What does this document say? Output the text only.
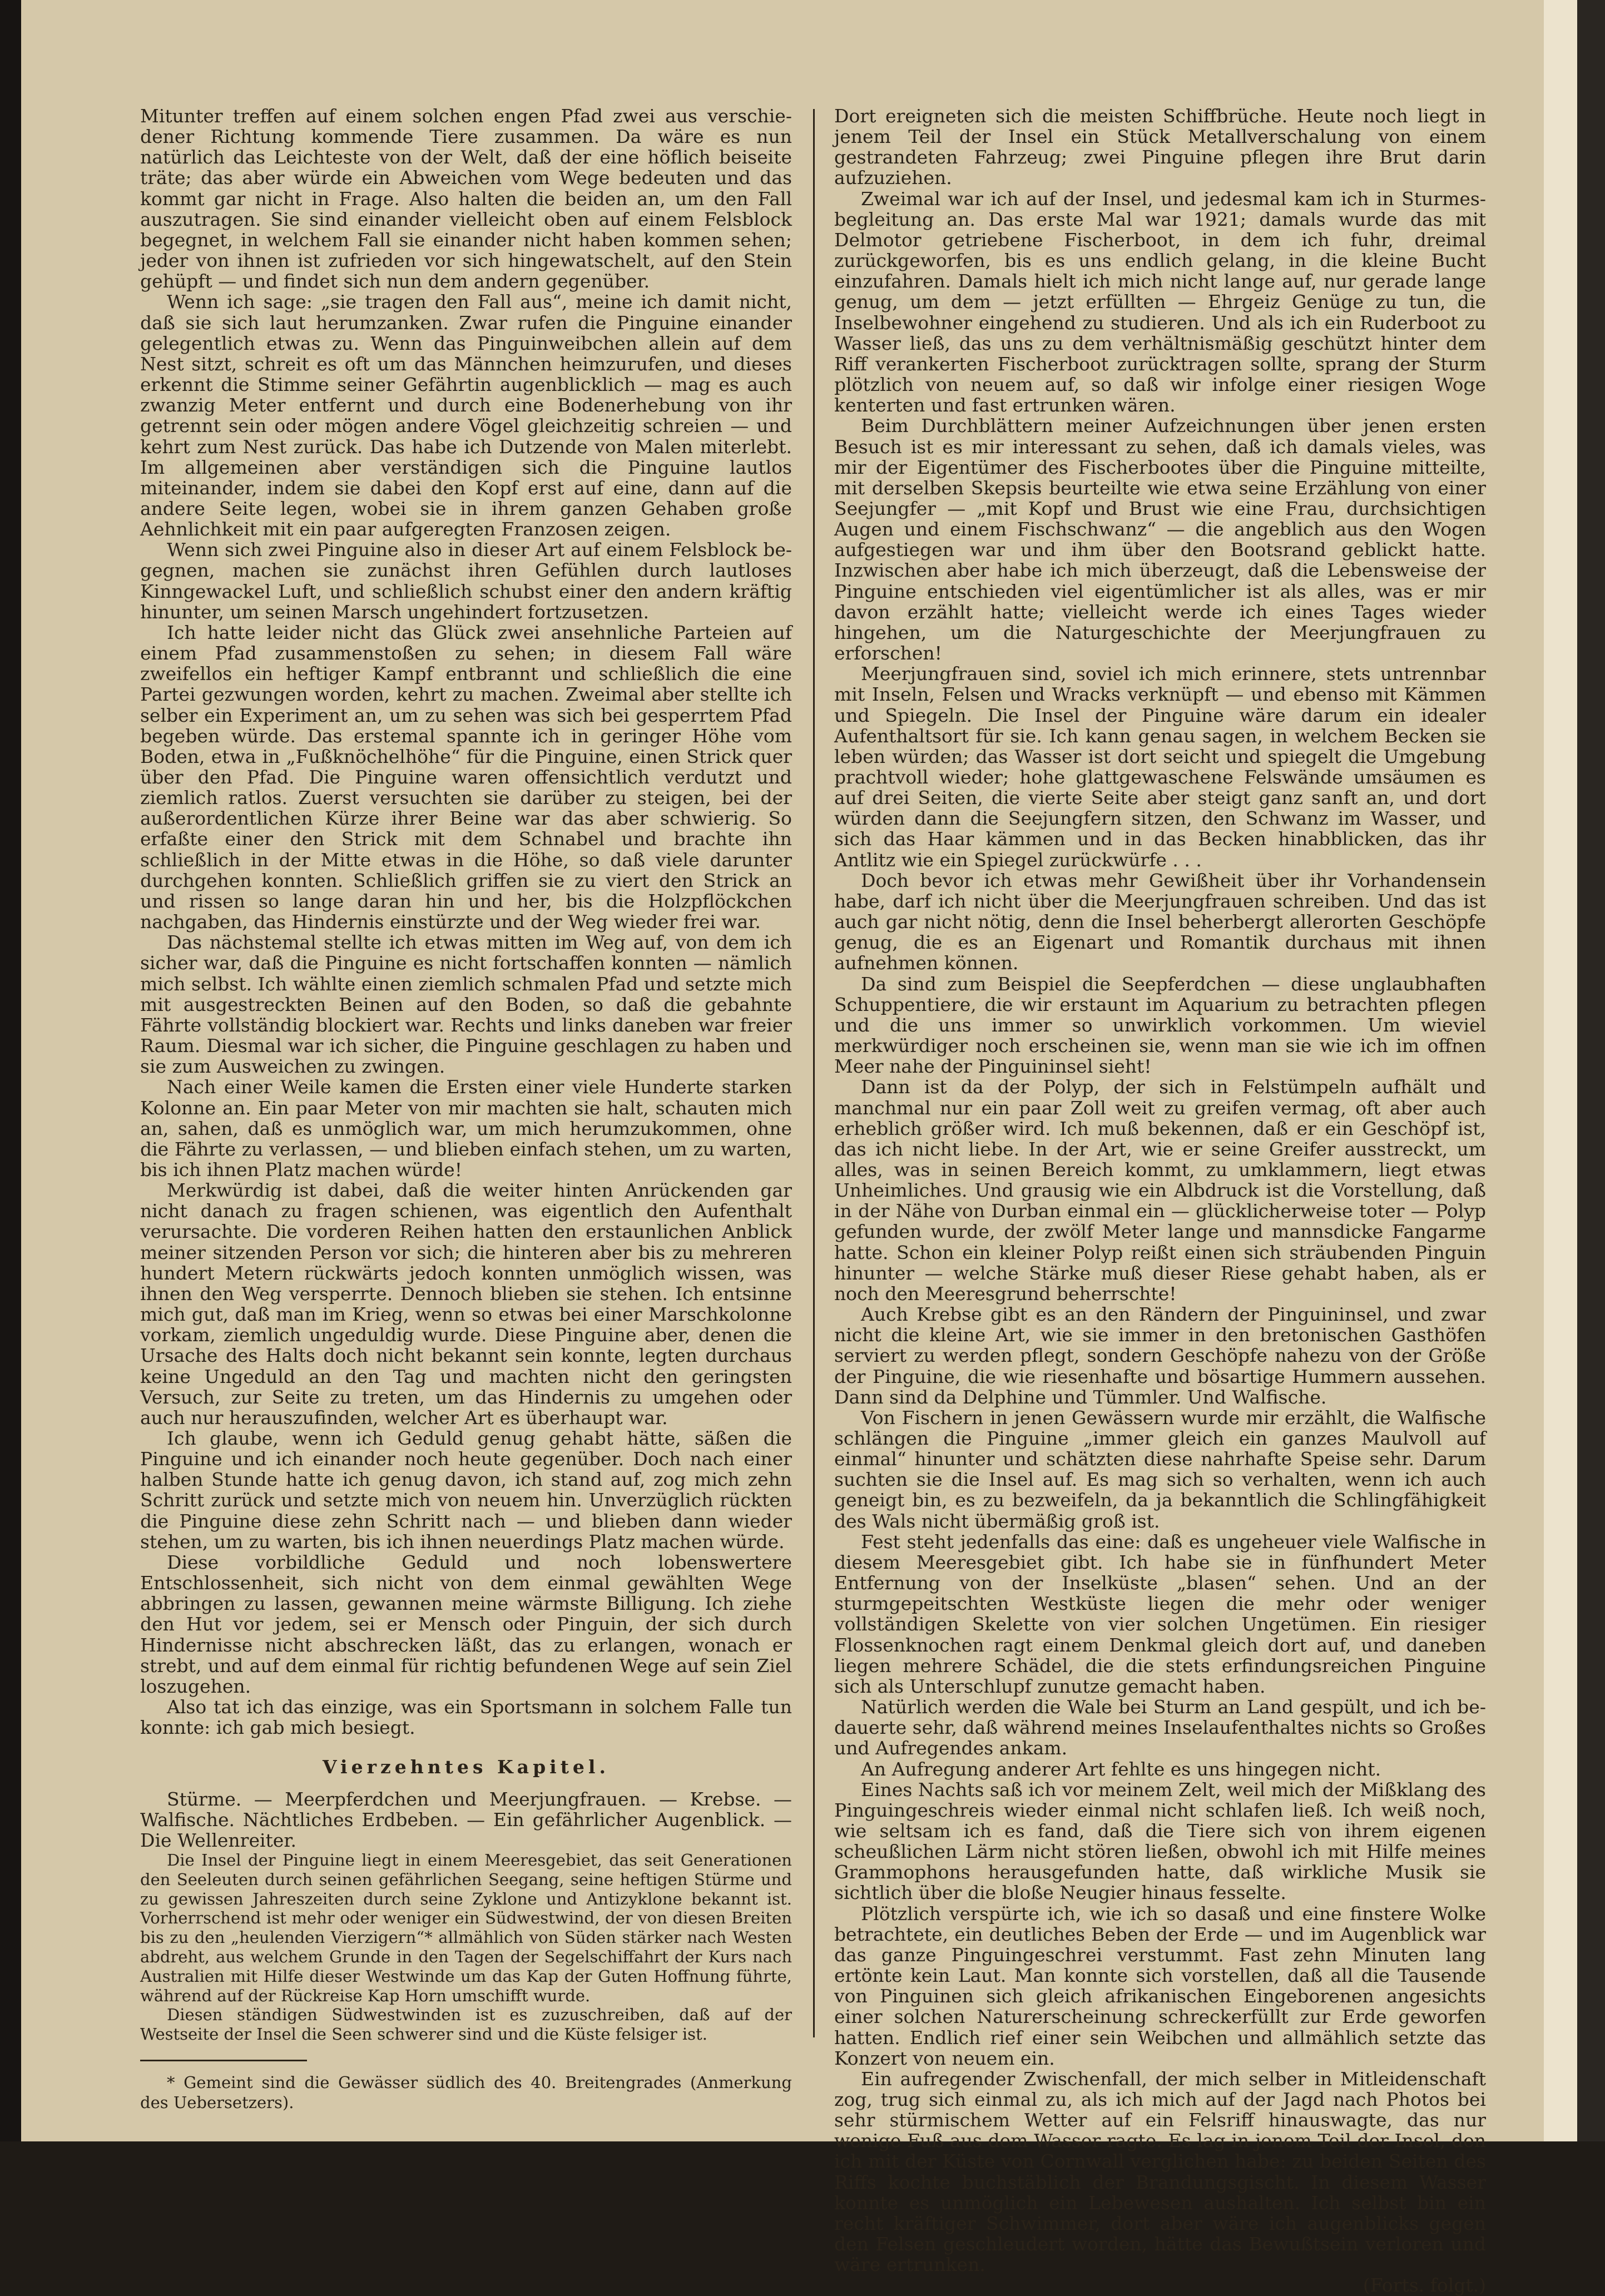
Mitunter treffen auf einem solchen engen Pfad zwei aus verschiedener Richtung kommende Tiere zusammen. Da wäre es nun natürlich das Leichteste von der Welt, daß der eine höflich beiseite träte; das aber würde ein Abweichen vom Wege bedeuten und das kommt gar nicht in Frage. Also halten die beiden an, um den Fall auszutragen. Sie sind einander vielleicht oben auf einem Felsblock begegnet, in welchem Fall sie einander nicht haben kommen sehen; jeder von ihnen ist zufrieden vor sich hingewatschelt, auf den Stein gehüpft — und findet sich nun dem andern gegenüber.

Wenn ich sage: „sie tragen den Fall aus“, meine ich damit nicht, daß sie sich laut herumzanken. Zwar rufen die Pinguine einander gelegentlich etwas zu. Wenn das Pinguinweibchen allein auf dem Nest sitzt, schreit es oft um das Männchen heimzurufen, und dieses erkennt die Stimme seiner Gefährtin augenblicklich — mag es auch zwanzig Meter entfernt und durch eine Bodenerhebung von ihr getrennt sein oder mögen andere Vögel gleichzeitig schreien — und kehrt zum Nest zurück. Das habe ich Dutzende von Malen miterlebt. Im allgemeinen aber verständigen sich die Pinguine lautlos miteinander, indem sie dabei den Kopf erst auf eine, dann auf die andere Seite legen, wobei sie in ihrem ganzen Gehaben große Aehnlichkeit mit ein paar aufgeregten Franzosen zeigen.

Wenn sich zwei Pinguine also in dieser Art auf einem Felsblock begegnen, machen sie zunächst ihren Gefühlen durch lautloses Kinngewackel Luft, und schließlich schubst einer den andern kräftig hinunter, um seinen Marsch ungehindert fortzusetzen.

Ich hatte leider nicht das Glück zwei ansehnliche Parteien auf einem Pfad zusammenstoßen zu sehen; in diesem Fall wäre zweifellos ein heftiger Kampf entbrannt und schließlich die eine Partei gezwungen worden, kehrt zu machen. Zweimal aber stellte ich selber ein Experiment an, um zu sehen was sich bei gesperrtem Pfad begeben würde. Das erstemal spannte ich in geringer Höhe vom Boden, etwa in „Fußknöchelhöhe“ für die Pinguine, einen Strick quer über den Pfad. Die Pinguine waren offensichtlich verdutzt und ziemlich ratlos. Zuerst versuchten sie darüber zu steigen, bei der außerordentlichen Kürze ihrer Beine war das aber schwierig. So erfaßte einer den Strick mit dem Schnabel und brachte ihn schließlich in der Mitte etwas in die Höhe, so daß viele darunter durchgehen konnten. Schließlich griffen sie zu viert den Strick an und rissen so lange daran hin und her, bis die Holzpflöckchen nachgaben, das Hindernis einstürzte und der Weg wieder frei war.

Das nächstemal stellte ich etwas mitten im Weg auf, von dem ich sicher war, daß die Pinguine es nicht fortschaffen konnten — nämlich mich selbst. Ich wählte einen ziemlich schmalen Pfad und setzte mich mit ausgestreckten Beinen auf den Boden, so daß die gebahnte Fährte vollständig blockiert war. Rechts und links daneben war freier Raum. Diesmal war ich sicher, die Pinguine geschlagen zu haben und sie zum Ausweichen zu zwingen.

Nach einer Weile kamen die Ersten einer viele Hunderte starken Kolonne an. Ein paar Meter von mir machten sie halt, schauten mich an, sahen, daß es unmöglich war, um mich herumzukommen, ohne die Fährte zu verlassen, — und blieben einfach stehen, um zu warten, bis ich ihnen Platz machen würde!

Merkwürdig ist dabei, daß die weiter hinten Anrückenden gar nicht danach zu fragen schienen, was eigentlich den Aufenthalt verursachte. Die vorderen Reihen hatten den erstaunlichen Anblick meiner sitzenden Person vor sich; die hinteren aber bis zu mehreren hundert Metern rückwärts jedoch konnten unmöglich wissen, was ihnen den Weg versperrte. Dennoch blieben sie stehen. Ich entsinne mich gut, daß man im Krieg, wenn so etwas bei einer Marschkolonne vorkam, ziemlich ungeduldig wurde. Diese Pinguine aber, denen die Ursache des Halts doch nicht bekannt sein konnte, legten durchaus keine Ungeduld an den Tag und machten nicht den geringsten Versuch, zur Seite zu treten, um das Hindernis zu umgehen oder auch nur herauszufinden, welcher Art es überhaupt war.

Ich glaube, wenn ich Geduld genug gehabt hätte, säßen die Pinguine und ich einander noch heute gegenüber. Doch nach einer halben Stunde hatte ich genug davon, ich stand auf, zog mich zehn Schritt zurück und setzte mich von neuem hin. Unverzüglich rückten die Pinguine diese zehn Schritt nach — und blieben dann wieder stehen, um zu warten, bis ich ihnen neuerdings Platz machen würde.

Diese vorbildliche Geduld und noch lobenswertere Entschlossenheit, sich nicht von dem einmal gewählten Wege abbringen zu lassen, gewannen meine wärmste Billigung. Ich ziehe den Hut vor jedem, sei er Mensch oder Pinguin, der sich durch Hindernisse nicht abschrecken läßt, das zu erlangen, wonach er strebt, und auf dem einmal für richtig befundenen Wege auf sein Ziel loszugehen.

Also tat ich das einzige, was ein Sportsmann in solchem Falle tun konnte: ich gab mich besiegt.

Vierzehntes Kapitel.

Stürme. — Meerpferdchen und Meerjungfrauen. — Krebse. — Walfische. Nächtliches Erdbeben. — Ein gefährlicher Augenblick. — Die Wellenreiter.

Die Insel der Pinguine liegt in einem Meeresgebiet, das seit Generationen den Seeleuten durch seinen gefährlichen Seegang, seine heftigen Stürme und zu gewissen Jahreszeiten durch seine Zyklone und Antizyklone bekannt ist. Vorherrschend ist mehr oder weniger ein Südwestwind, der von diesen Breiten bis zu den „heulenden Vierzigern“* allmählich von Süden stärker nach Westen abdreht, aus welchem Grunde in den Tagen der Segelschiffahrt der Kurs nach Australien mit Hilfe dieser Westwinde um das Kap der Guten Hoffnung führte, während auf der Rückreise Kap Horn umschifft wurde.

Diesen ständigen Südwestwinden ist es zuzuschreiben, daß auf der Westseite der Insel die Seen schwerer sind und die Küste felsiger ist.

* Gemeint sind die Gewässer südlich des 40. Breitengrades (Anmerkung des Uebersetzers).

Dort ereigneten sich die meisten Schiffbrüche. Heute noch liegt in jenem Teil der Insel ein Stück Metallverschalung von einem gestrandeten Fahrzeug; zwei Pinguine pflegen ihre Brut darin aufzuziehen.

Zweimal war ich auf der Insel, und jedesmal kam ich in Sturmesbegleitung an. Das erste Mal war 1921; damals wurde das mit Delmotor getriebene Fischerboot, in dem ich fuhr, dreimal zurückgeworfen, bis es uns endlich gelang, in die kleine Bucht einzufahren. Damals hielt ich mich nicht lange auf, nur gerade lange genug, um dem — jetzt erfüllten — Ehrgeiz Genüge zu tun, die Inselbewohner eingehend zu studieren. Und als ich ein Ruderboot zu Wasser ließ, das uns zu dem verhältnismäßig geschützt hinter dem Riff verankerten Fischerboot zurücktragen sollte, sprang der Sturm plötzlich von neuem auf, so daß wir infolge einer riesigen Woge kenterten und fast ertrunken wären.

Beim Durchblättern meiner Aufzeichnungen über jenen ersten Besuch ist es mir interessant zu sehen, daß ich damals vieles, was mir der Eigentümer des Fischerbootes über die Pinguine mitteilte, mit derselben Skepsis beurteilte wie etwa seine Erzählung von einer Seejungfer — „mit Kopf und Brust wie eine Frau, durchsichtigen Augen und einem Fischschwanz“ — die angeblich aus den Wogen aufgestiegen war und ihm über den Bootsrand geblickt hatte. Inzwischen aber habe ich mich überzeugt, daß die Lebensweise der Pinguine entschieden viel eigentümlicher ist als alles, was er mir davon erzählt hatte; vielleicht werde ich eines Tages wieder hingehen, um die Naturgeschichte der Meerjungfrauen zu erforschen!

Meerjungfrauen sind, soviel ich mich erinnere, stets untrennbar mit Inseln, Felsen und Wracks verknüpft — und ebenso mit Kämmen und Spiegeln. Die Insel der Pinguine wäre darum ein idealer Aufenthaltsort für sie. Ich kann genau sagen, in welchem Becken sie leben würden; das Wasser ist dort seicht und spiegelt die Umgebung prachtvoll wieder; hohe glattgewaschene Felswände umsäumen es auf drei Seiten, die vierte Seite aber steigt ganz sanft an, und dort würden dann die Seejungfern sitzen, den Schwanz im Wasser, und sich das Haar kämmen und in das Becken hinabblicken, das ihr Antlitz wie ein Spiegel zurückwürfe . . .

Doch bevor ich etwas mehr Gewißheit über ihr Vorhandensein habe, darf ich nicht über die Meerjungfrauen schreiben. Und das ist auch gar nicht nötig, denn die Insel beherbergt allerorten Geschöpfe genug, die es an Eigenart und Romantik durchaus mit ihnen aufnehmen können.

Da sind zum Beispiel die Seepferdchen — diese unglaubhaften Schuppentiere, die wir erstaunt im Aquarium zu betrachten pflegen und die uns immer so unwirklich vorkommen. Um wieviel merkwürdiger noch erscheinen sie, wenn man sie wie ich im offnen Meer nahe der Pinguininsel sieht!

Dann ist da der Polyp, der sich in Felstümpeln aufhält und manchmal nur ein paar Zoll weit zu greifen vermag, oft aber auch erheblich größer wird. Ich muß bekennen, daß er ein Geschöpf ist, das ich nicht liebe. In der Art, wie er seine Greifer ausstreckt, um alles, was in seinen Bereich kommt, zu umklammern, liegt etwas Unheimliches. Und grausig wie ein Albdruck ist die Vorstellung, daß in der Nähe von Durban einmal ein — glücklicherweise toter — Polyp gefunden wurde, der zwölf Meter lange und mannsdicke Fangarme hatte. Schon ein kleiner Polyp reißt einen sich sträubenden Pinguin hinunter — welche Stärke muß dieser Riese gehabt haben, als er noch den Meeresgrund beherrschte!

Auch Krebse gibt es an den Rändern der Pinguininsel, und zwar nicht die kleine Art, wie sie immer in den bretonischen Gasthöfen serviert zu werden pflegt, sondern Geschöpfe nahezu von der Größe der Pinguine, die wie riesenhafte und bösartige Hummern aussehen. Dann sind da Delphine und Tümmler. Und Walfische.

Von Fischern in jenen Gewässern wurde mir erzählt, die Walfische schlängen die Pinguine „immer gleich ein ganzes Maulvoll auf einmal“ hinunter und schätzten diese nahrhafte Speise sehr. Darum suchten sie die Insel auf. Es mag sich so verhalten, wenn ich auch geneigt bin, es zu bezweifeln, da ja bekanntlich die Schlingfähigkeit des Wals nicht übermäßig groß ist.

Fest steht jedenfalls das eine: daß es ungeheuer viele Walfische in diesem Meeresgebiet gibt. Ich habe sie in fünfhundert Meter Entfernung von der Inselküste „blasen“ sehen. Und an der sturmgepeitschten Westküste liegen die mehr oder weniger vollständigen Skelette von vier solchen Ungetümen. Ein riesiger Flossenknochen ragt einem Denkmal gleich dort auf, und daneben liegen mehrere Schädel, die die stets erfindungsreichen Pinguine sich als Unterschlupf zunutze gemacht haben.

Natürlich werden die Wale bei Sturm an Land gespült, und ich bedauerte sehr, daß während meines Inselaufenthaltes nichts so Großes und Aufregendes ankam.

An Aufregung anderer Art fehlte es uns hingegen nicht.

Eines Nachts saß ich vor meinem Zelt, weil mich der Mißklang des Pinguingeschreis wieder einmal nicht schlafen ließ. Ich weiß noch, wie seltsam ich es fand, daß die Tiere sich von ihrem eigenen scheußlichen Lärm nicht stören ließen, obwohl ich mit Hilfe meines Grammophons herausgefunden hatte, daß wirkliche Musik sie sichtlich über die bloße Neugier hinaus fesselte.

Plötzlich verspürte ich, wie ich so dasaß und eine finstere Wolke betrachtete, ein deutliches Beben der Erde — und im Augenblick war das ganze Pinguingeschrei verstummt. Fast zehn Minuten lang ertönte kein Laut. Man konnte sich vorstellen, daß all die Tausende von Pinguinen sich gleich afrikanischen Eingeborenen angesichts einer solchen Naturerscheinung schreckerfüllt zur Erde geworfen hatten. Endlich rief einer sein Weibchen und allmählich setzte das Konzert von neuem ein.

Ein aufregender Zwischenfall, der mich selber in Mitleidenschaft zog, trug sich einmal zu, als ich mich auf der Jagd nach Photos bei sehr stürmischem Wetter auf ein Felsriff hinauswagte, das nur wenige Fuß aus dem Wasser ragte. Es lag in jenem Teil der Insel, den ich mit der Küste von Cornwall verglichen habe: zu beiden Seiten des Riffs kochte buchstäblich der Brandungsgischt. In diesem Wasser konnte es unmöglich ein Lebewesen aushalten. Ich selbst bin ein recht kräftiger Schwimmer, dort aber wäre ich augenblicks gegen den Felsen geschleudert worden, hätte das Bewußtsein verloren und wäre ertrunken.

(Forts. folgt.)
